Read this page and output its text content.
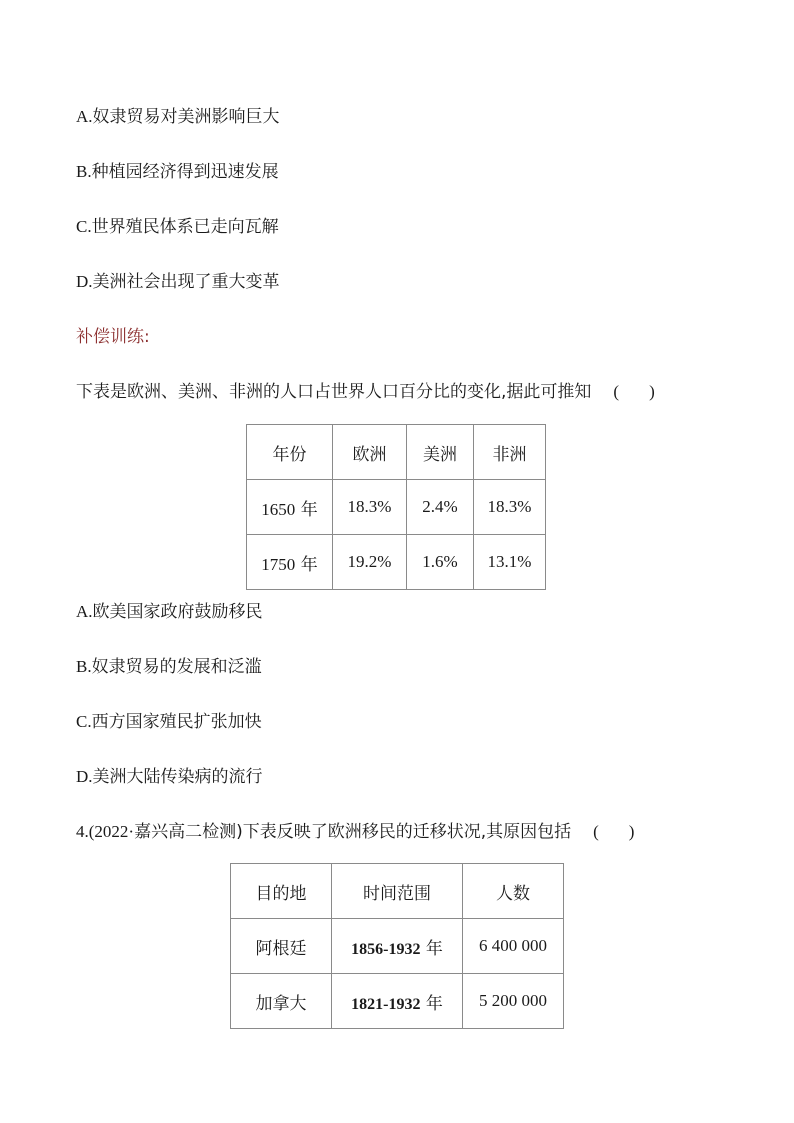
A.奴隶贸易对美洲影响巨大
B.种植园经济得到迅速发展
C.世界殖民体系已走向瓦解
D.美洲社会出现了重大变革
补偿训练:
下表是欧洲、美洲、非洲的人口占世界人口百分比的变化,据此可推知 ( )
年份	欧洲	美洲	非洲
1650 年	18.3%	2.4%	18.3%
1750 年	19.2%	1.6%	13.1%
A.欧美国家政府鼓励移民
B.奴隶贸易的发展和泛滥
C.西方国家殖民扩张加快
D.美洲大陆传染病的流行
4.(2022·嘉兴高二检测)下表反映了欧洲移民的迁移状况,其原因包括 ( )
目的地	时间范围	人数
阿根廷	1856-1932 年	6 400 000
加拿大	1821-1932 年	5 200 000
